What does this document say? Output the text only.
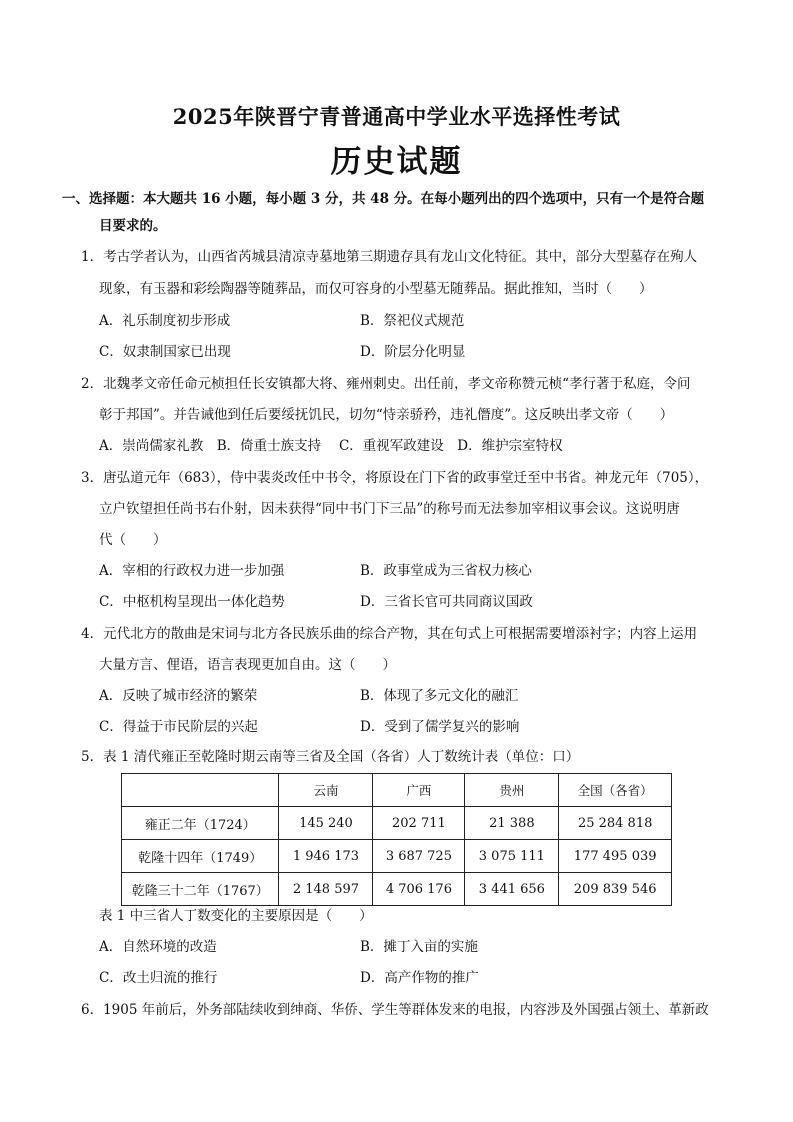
2025年陕晋宁青普通高中学业水平选择性考试
历史试题
一、选择题：本大题共 16 小题，每小题 3 分，共 48 分。在每小题列出的四个选项中，只有一个是符合题
目要求的。
1．考古学者认为，山西省芮城县清凉寺墓地第三期遗存具有龙山文化特征。其中，部分大型墓存在殉人
现象，有玉器和彩绘陶器等随葬品，而仅可容身的小型墓无随葬品。据此推知，当时（　　）
A．礼乐制度初步形成	B．祭祀仪式规范
C．奴隶制国家已出现	D．阶层分化明显
2．北魏孝文帝任命元桢担任长安镇都大将、雍州刺史。出任前，孝文帝称赞元桢“孝行著于私庭，令问
彰于邦国”。并告诫他到任后要绥抚饥民，切勿“恃亲骄矜，违礼僭度”。这反映出孝文帝（　　）
A．崇尚儒家礼教　B．倚重士族支持　 C．重视军政建设　D．维护宗室特权
3．唐弘道元年（683），侍中裴炎改任中书令，将原设在门下省的政事堂迁至中书省。神龙元年（705），
立户钦望担任尚书右仆射，因未获得“同中书门下三品”的称号而无法参加宰相议事会议。这说明唐
代（　　）
A．宰相的行政权力进一步加强	B．政事堂成为三省权力核心
C．中枢机构呈现出一体化趋势	D．三省长官可共同商议国政
4．元代北方的散曲是宋词与北方各民族乐曲的综合产物，其在句式上可根据需要增添衬字；内容上运用
大量方言、俚语，语言表现更加自由。这（　　）
A．反映了城市经济的繁荣	B．体现了多元文化的融汇
C．得益于市民阶层的兴起	D．受到了儒学复兴的影响
5．表 1 清代雍正至乾隆时期云南等三省及全国（各省）人丁数统计表（单位：口）
	云南	广西	贵州	全国（各省）
雍正二年（1724）	145 240	202 711	21 388	25 284 818
乾隆十四年（1749）	1 946 173	3 687 725	3 075 111	177 495 039
乾隆三十二年（1767）	2 148 597	4 706 176	3 441 656	209 839 546
表 1 中三省人丁数变化的主要原因是（　　）
A．自然环境的改造	B．摊丁入亩的实施
C．改土归流的推行	D．高产作物的推广
6．1905 年前后，外务部陆续收到绅商、华侨、学生等群体发来的电报，内容涉及外国强占领土、革新政
